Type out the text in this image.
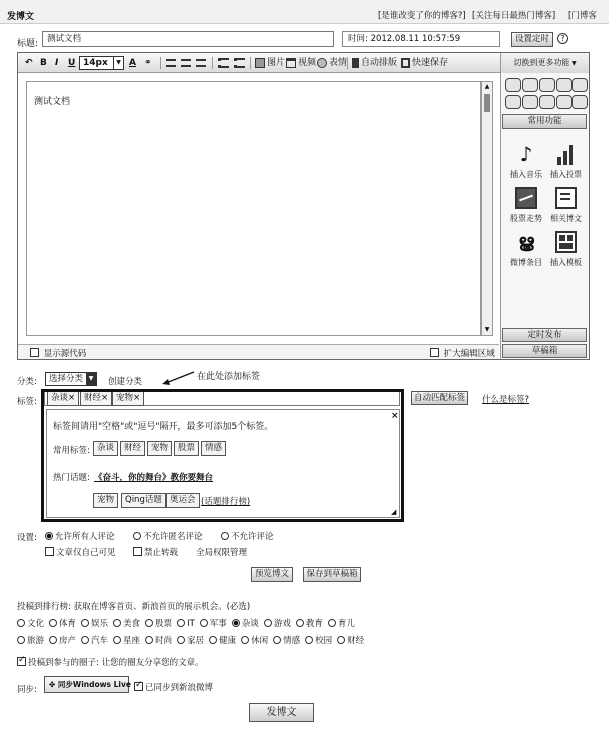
发博文	[是谁改变了你的博客?] [关注每日最热门博客] [门博客
标题:	测试文档	时间: 2012.08.11 10:57:59	设置定时	?
↶ B I U 14px	▼ A ⚭	图片 视频 表情 自动排版 快速保存	切换到更多功能 ▼
测试文档
▲
▼
显示源代码	扩大编辑区域
常用功能
♪
插入音乐	插入投票
股票走势	相关博文
ൠ
微博条目	插入模板
定时发布
草稿箱
分类:	选择分类 ▼	创建分类	在此处添加标签
标签:	杂谈×	财经× 宠物×	自动匹配标签	什么是标签?
×
标签间请用"空格"或"逗号"隔开，最多可添加5个标签。
常用标签: 杂谈	财经	宠物	股票	情感
热门话题: 《奋斗，你的舞台》教你要舞台
宠物	Qing话题 奥运会 (话题排行榜)
◢
设置:	允许所有人评论	不允许匿名评论	不允许评论
文章仅自己可见	禁止转载 全局权限管理
预览博文	保存到草稿箱
投稿到排行榜: 获取在博客首页、新浪首页的展示机会。(必选)
文化 体育 娱乐 美食 股票 IT 军事 杂谈 游戏 教育 育儿
旅游 房产 汽车 星座 时尚 家居 健康 休闲 情感 校园 财经
✓投稿到参与的圈子: 让您的圈友分享您的文章。
同步:
✤ 同步Windows Live
✓	已同步到新浪微博
发博文
